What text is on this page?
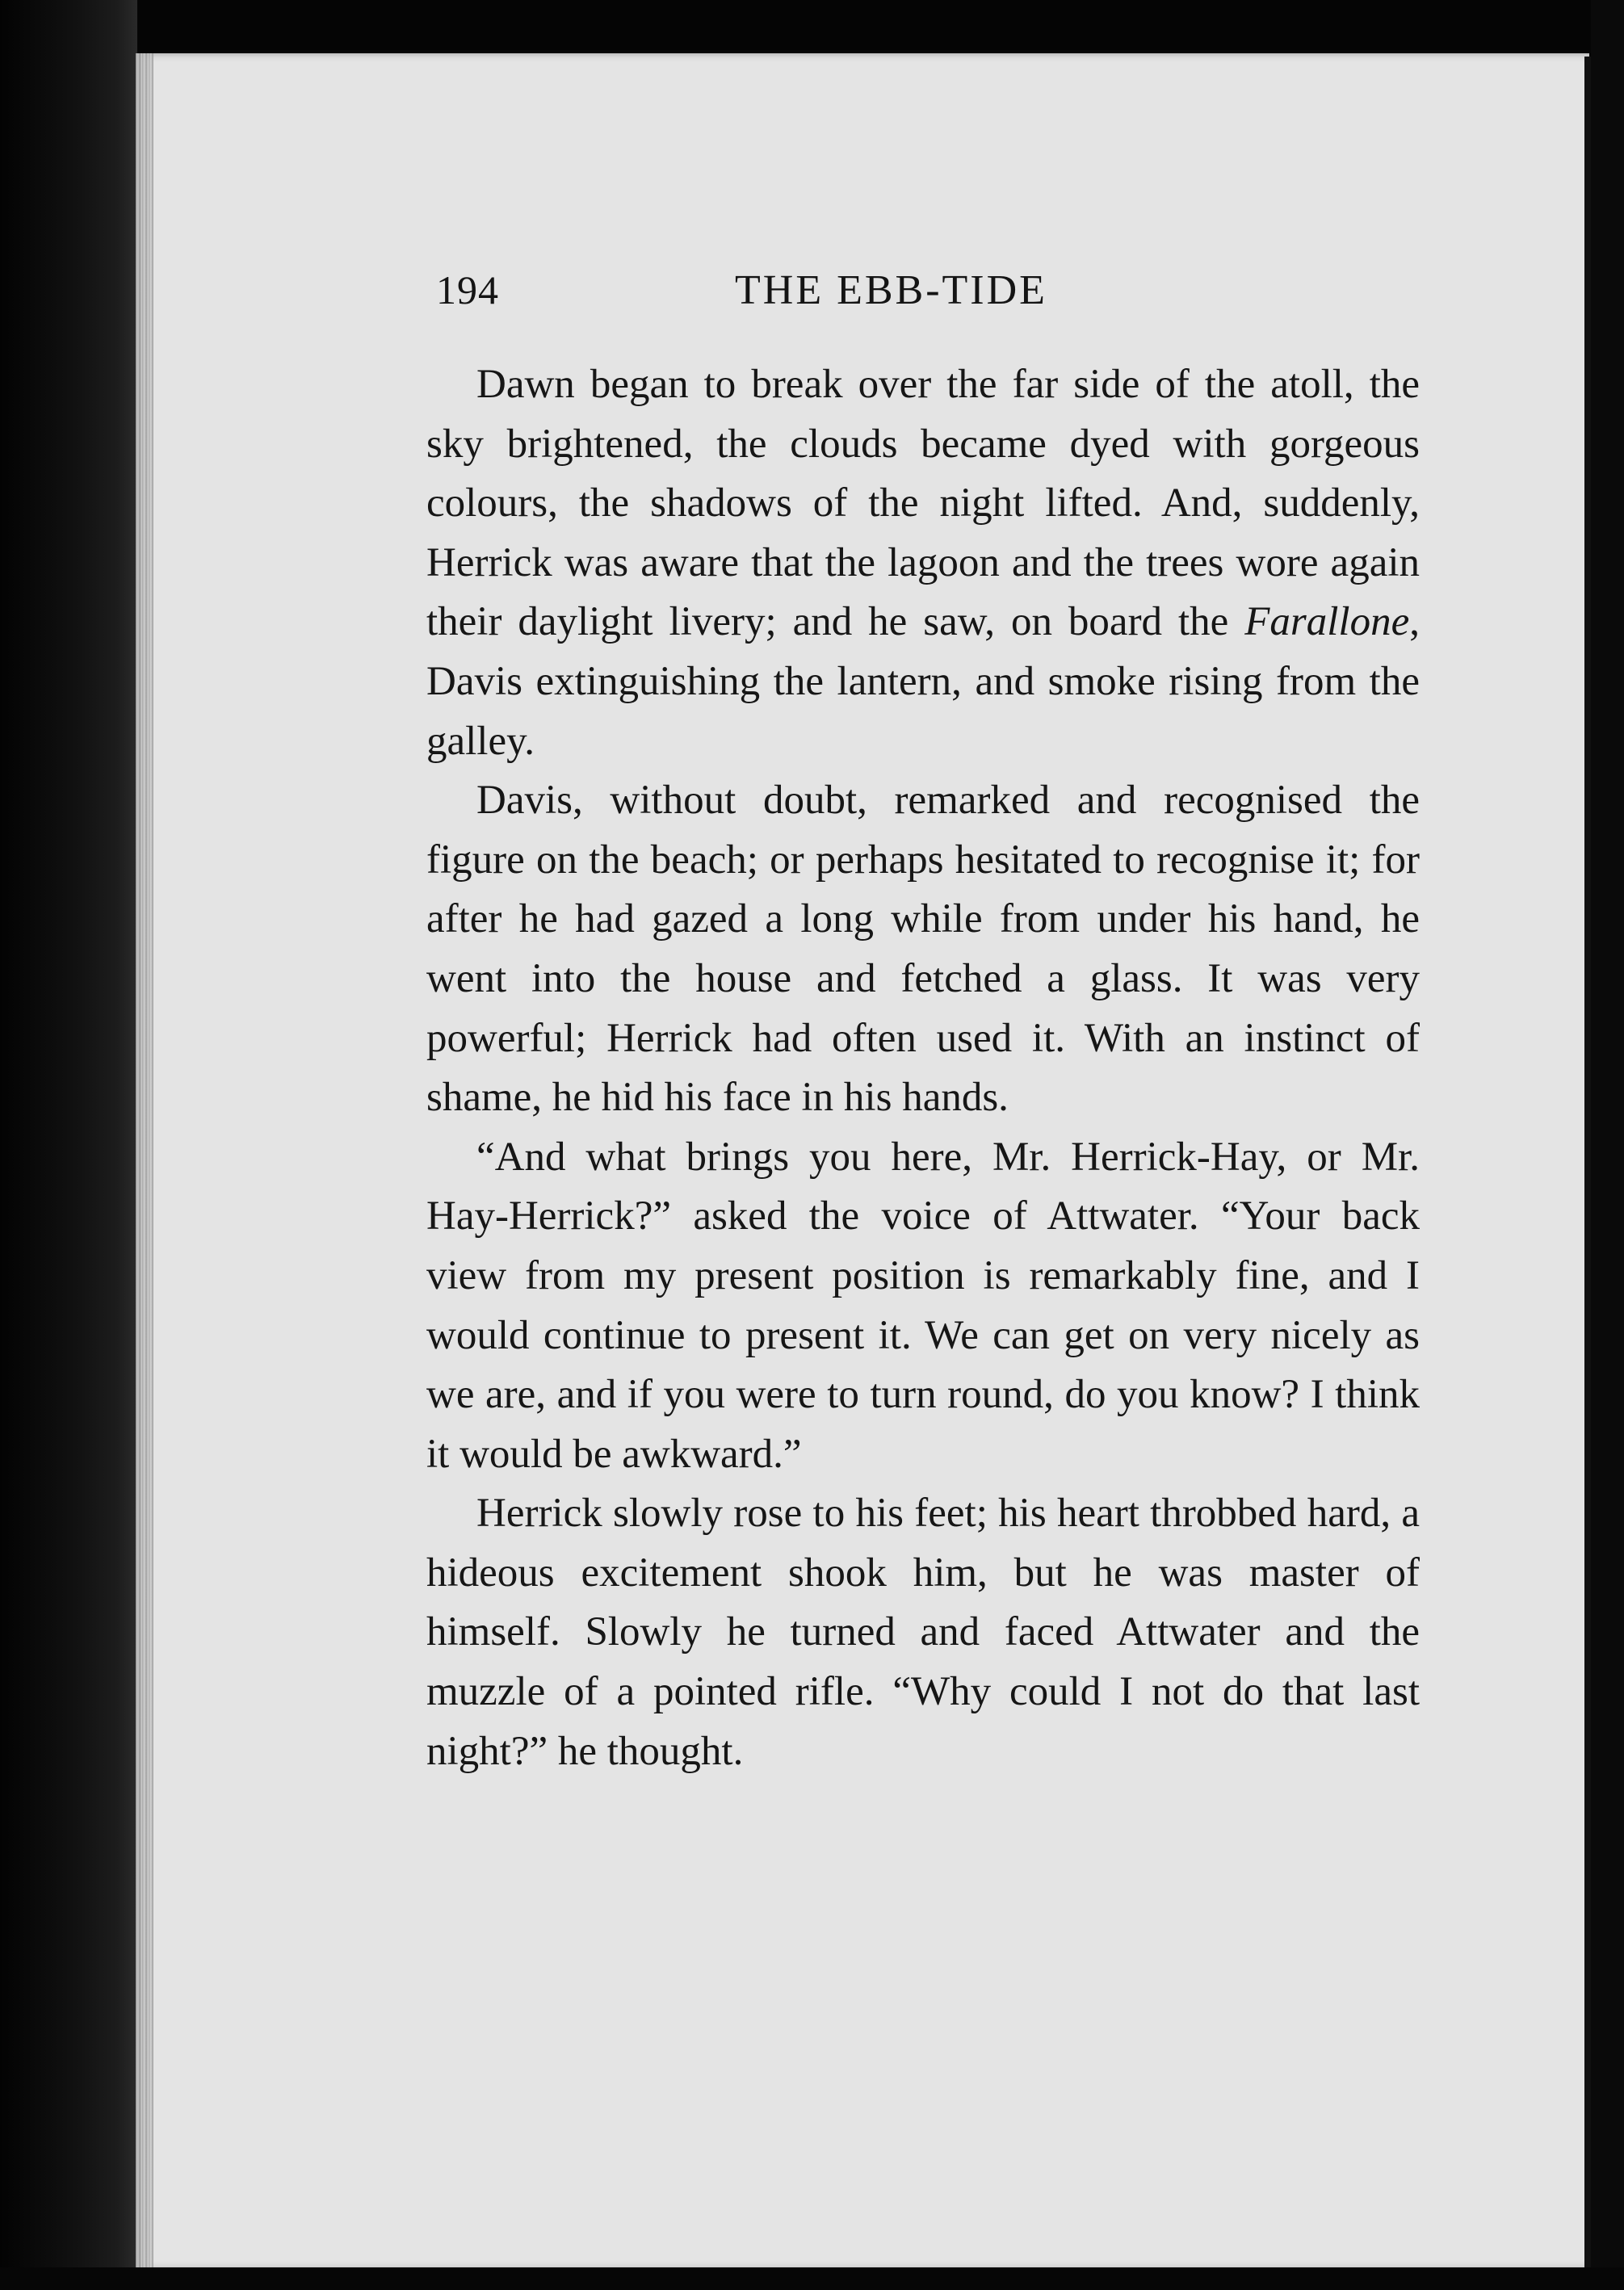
194	THE EBB-TIDE

Dawn began to break over the far side of the atoll, the sky brightened, the clouds became dyed with gorgeous colours, the shadows of the night lifted. And, suddenly, Herrick was aware that the lagoon and the trees wore again their daylight livery; and he saw, on board the Farallone, Davis extinguishing the lantern, and smoke rising from the galley.

Davis, without doubt, remarked and recognised the figure on the beach; or perhaps hesitated to recognise it; for after he had gazed a long while from under his hand, he went into the house and fetched a glass. It was very powerful; Herrick had often used it. With an instinct of shame, he hid his face in his hands.

“And what brings you here, Mr. Herrick-Hay, or Mr. Hay-Herrick?” asked the voice of Attwater. “Your back view from my present position is remarkably fine, and I would continue to present it. We can get on very nicely as we are, and if you were to turn round, do you know? I think it would be awkward.”

Herrick slowly rose to his feet; his heart throbbed hard, a hideous excitement shook him, but he was master of himself. Slowly he turned and faced Attwater and the muzzle of a pointed rifle. “Why could I not do that last night?” he thought.
